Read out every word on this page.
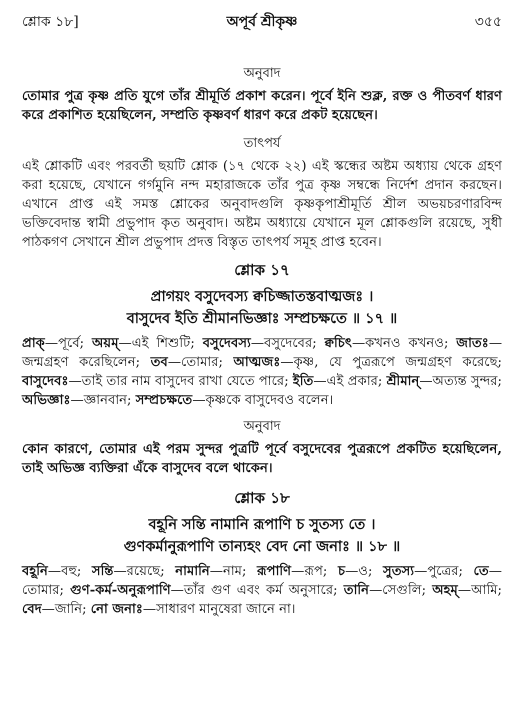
শ্লোক ১৮]	অপূর্ব শ্রীকৃষ্ণ	৩৫৫
অনুবাদ

তোমার পুত্র কৃষ্ণ প্রতি যুগে তাঁর শ্রীমূর্তি প্রকাশ করেন। পূর্বে ইনি শুক্ল, রক্ত ও পীতবর্ণ ধারণ করে প্রকাশিত হয়েছিলেন, সম্প্রতি কৃষ্ণবর্ণ ধারণ করে প্রকট হয়েছেন।

তাৎপর্য

এই শ্লোকটি এবং পরবর্তী ছয়টি শ্লোক (১৭ থেকে ২২) এই স্কন্ধের অষ্টম অধ্যায় থেকে গ্রহণ করা হয়েছে, যেখানে গর্গমুনি নন্দ মহারাজকে তাঁর পুত্র কৃষ্ণ সম্বন্ধে নির্দেশ প্রদান করছেন। এখানে প্রাপ্ত এই সমস্ত শ্লোকের অনুবাদগুলি কৃষ্ণকৃপাশ্রীমূর্তি শ্রীল অভয়চরণারবিন্দ ভক্তিবেদান্ত স্বামী প্রভুপাদ কৃত অনুবাদ। অষ্টম অধ্যায়ে যেখানে মূল শ্লোকগুলি রয়েছে, সুধী পাঠকগণ সেখানে শ্রীল প্রভুপাদ প্রদত্ত বিস্তৃত তাৎপর্য সমূহ প্রাপ্ত হবেন।

শ্লোক ১৭
প্রাগয়ং বসুদেবস্য ক্বচিজ্জাতস্তবাত্মজঃ ।
বাসুদেব ইতি শ্রীমানভিজ্ঞাঃ সম্প্রচক্ষতে ॥ ১৭ ॥

প্রাক্—পূর্বে; অয়ম্—এই শিশুটি; বসুদেবস্য—বসুদেবের; ক্বচিৎ—কখনও কখনও; জাতঃ—জন্মগ্রহণ করেছিলেন; তব—তোমার; আত্মজঃ—কৃষ্ণ, যে পুত্ররূপে জন্মগ্রহণ করেছে; বাসুদেবঃ—তাই তার নাম বাসুদেব রাখা যেতে পারে; ইতি—এই প্রকার; শ্রীমান্—অত্যন্ত সুন্দর; অভিজ্ঞাঃ—জ্ঞানবান; সম্প্রচক্ষতে—কৃষ্ণকে বাসুদেবও বলেন।

অনুবাদ

কোন কারণে, তোমার এই পরম সুন্দর পুত্রটি পূর্বে বসুদেবের পুত্ররূপে প্রকটিত হয়েছিলেন, তাই অভিজ্ঞ ব্যক্তিরা এঁকে বাসুদেব বলে থাকেন।

শ্লোক ১৮
বহূনি সন্তি নামানি রূপাণি চ সুতস্য তে ।
গুণকর্মানুরূপাণি তান্যহং বেদ নো জনাঃ ॥ ১৮ ॥

বহূনি—বহু; সন্তি—রয়েছে; নামানি—নাম; রূপাণি—রূপ; চ—ও; সুতস্য—পুত্রের; তে—তোমার; গুণ-কর্ম-অনুরূপাণি—তাঁর গুণ এবং কর্ম অনুসারে; তানি—সেগুলি; অহম্—আমি; বেদ—জানি; নো জনাঃ—সাধারণ মানুষেরা জানে না।
